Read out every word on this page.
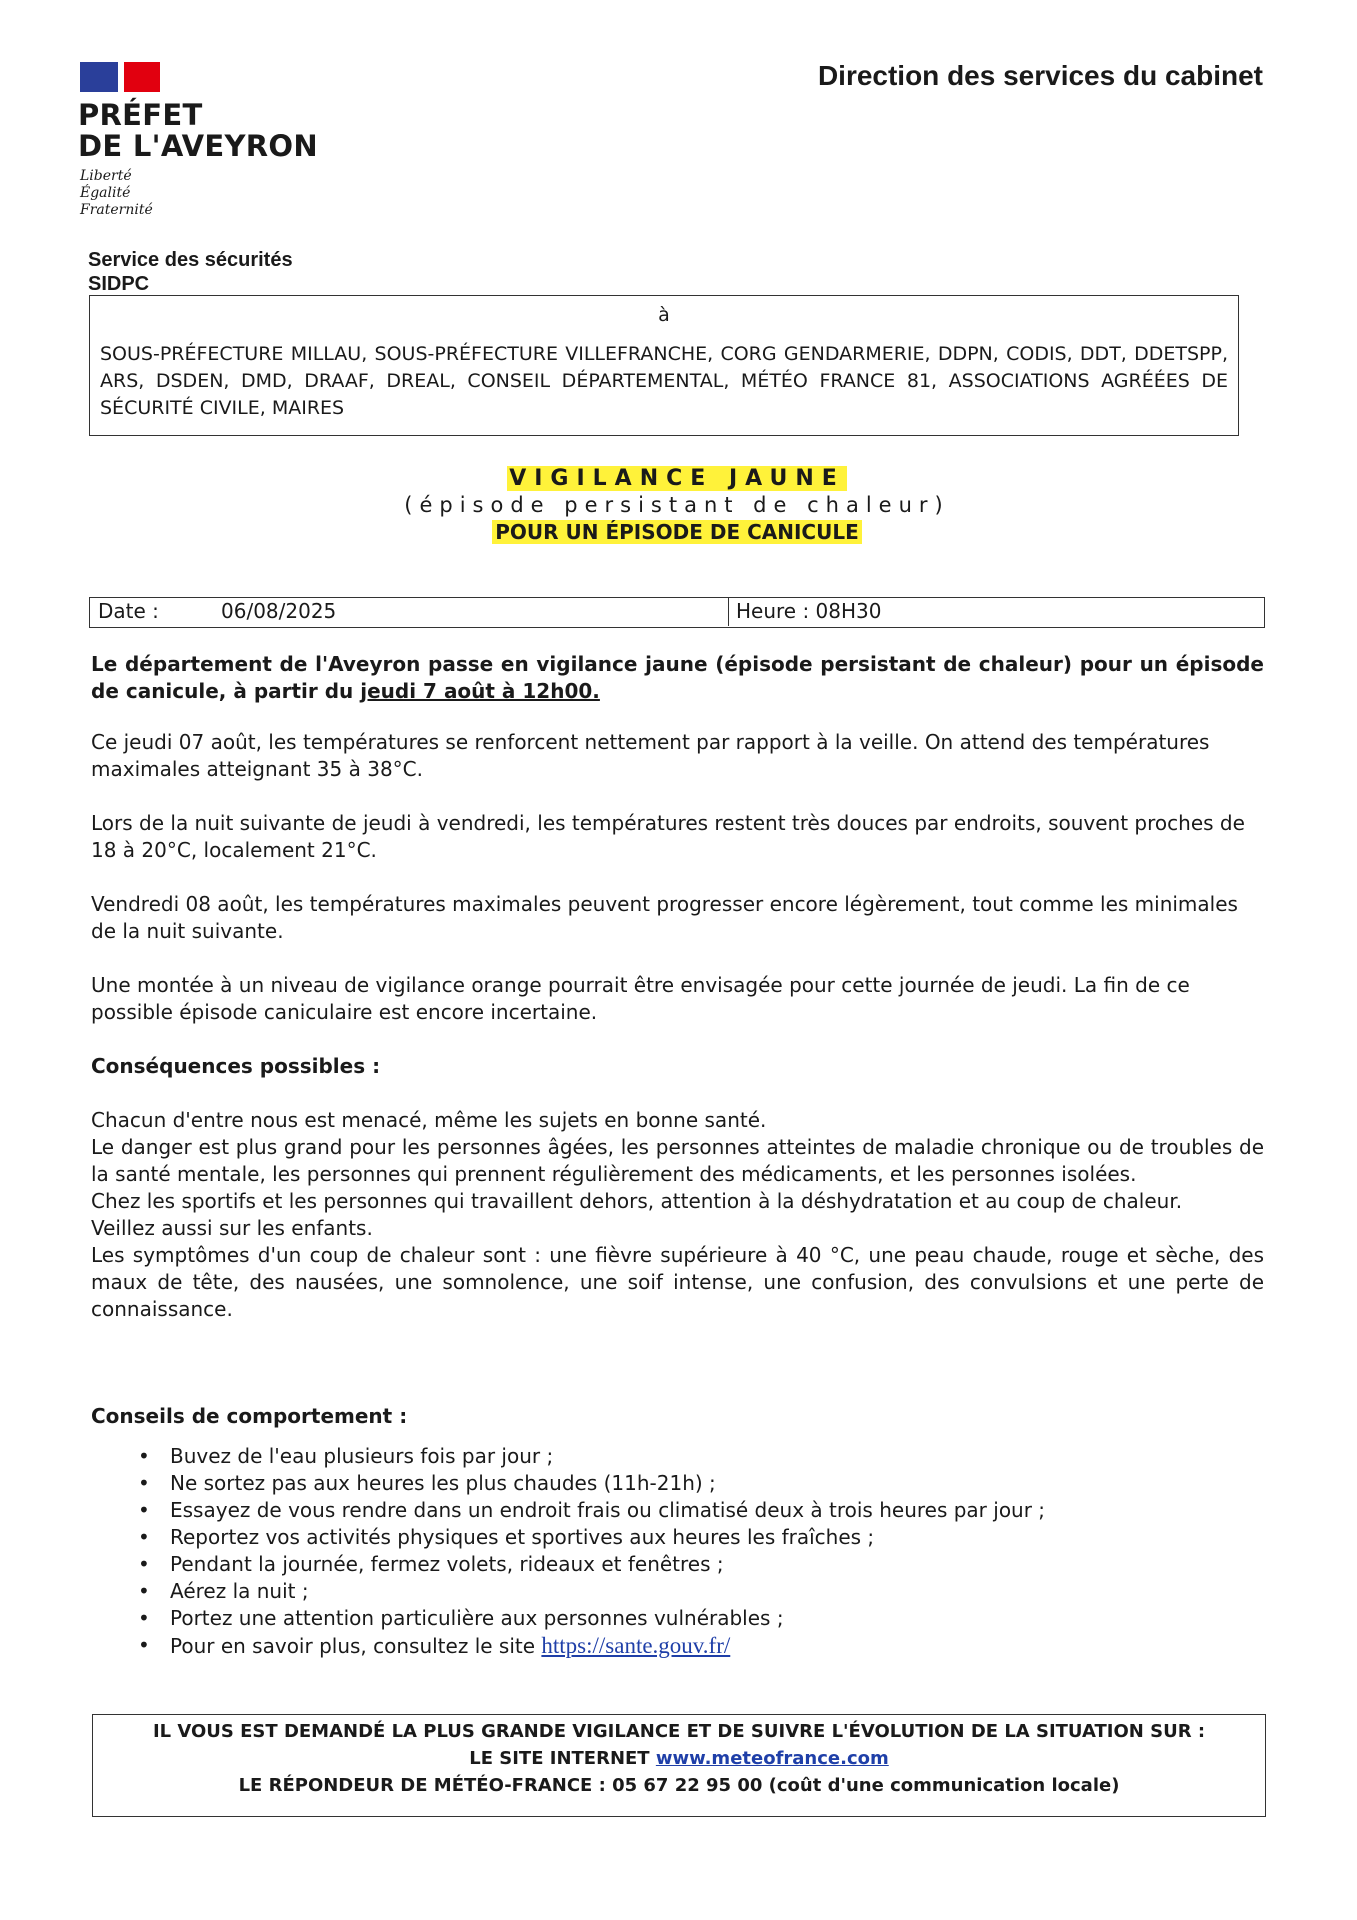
PRÉFET
DE L'AVEYRON
Liberté
Égalité
Fraternité
Direction des services du cabinet
Service des sécurités
SIDPC
à
SOUS-PRÉFECTURE MILLAU, SOUS-PRÉFECTURE VILLEFRANCHE, CORG GENDARMERIE, DDPN, CODIS, DDT, DDETSPP, ARS, DSDEN, DMD, DRAAF, DREAL, CONSEIL DÉPARTEMENTAL, MÉTÉO FRANCE 81, ASSOCIATIONS AGRÉÉES DE SÉCURITÉ CIVILE, MAIRES
VIGILANCE JAUNE
(épisode persistant de chaleur)
POUR UN ÉPISODE DE CANICULE
Date :	06/08/2025	Heure : 08H30
Le département de l'Aveyron passe en vigilance jaune (épisode persistant de chaleur) pour un épisode de canicule, à partir du jeudi 7 août à 12h00.
Ce jeudi 07 août, les températures se renforcent nettement par rapport à la veille. On attend des températures maximales atteignant 35 à 38°C.
Lors de la nuit suivante de jeudi à vendredi, les températures restent très douces par endroits, souvent proches de 18 à 20°C, localement 21°C.
Vendredi 08 août, les températures maximales peuvent progresser encore légèrement, tout comme les minimales de la nuit suivante.
Une montée à un niveau de vigilance orange pourrait être envisagée pour cette journée de jeudi. La fin de ce possible épisode caniculaire est encore incertaine.
Conséquences possibles :
Chacun d'entre nous est menacé, même les sujets en bonne santé.
Le danger est plus grand pour les personnes âgées, les personnes atteintes de maladie chronique ou de troubles de la santé mentale, les personnes qui prennent régulièrement des médicaments, et les personnes isolées.
Chez les sportifs et les personnes qui travaillent dehors, attention à la déshydratation et au coup de chaleur.
Veillez aussi sur les enfants.
Les symptômes d'un coup de chaleur sont : une fièvre supérieure à 40 °C, une peau chaude, rouge et sèche, des maux de tête, des nausées, une somnolence, une soif intense, une confusion, des convulsions et une perte de connaissance.
Conseils de comportement :
• Buvez de l'eau plusieurs fois par jour ;
• Ne sortez pas aux heures les plus chaudes (11h-21h) ;
• Essayez de vous rendre dans un endroit frais ou climatisé deux à trois heures par jour ;
• Reportez vos activités physiques et sportives aux heures les fraîches ;
• Pendant la journée, fermez volets, rideaux et fenêtres ;
• Aérez la nuit ;
• Portez une attention particulière aux personnes vulnérables ;
• Pour en savoir plus, consultez le site https://sante.gouv.fr/
IL VOUS EST DEMANDÉ LA PLUS GRANDE VIGILANCE ET DE SUIVRE L'ÉVOLUTION DE LA SITUATION SUR :
LE SITE INTERNET www.meteofrance.com
LE RÉPONDEUR DE MÉTÉO-FRANCE : 05 67 22 95 00 (coût d'une communication locale)
